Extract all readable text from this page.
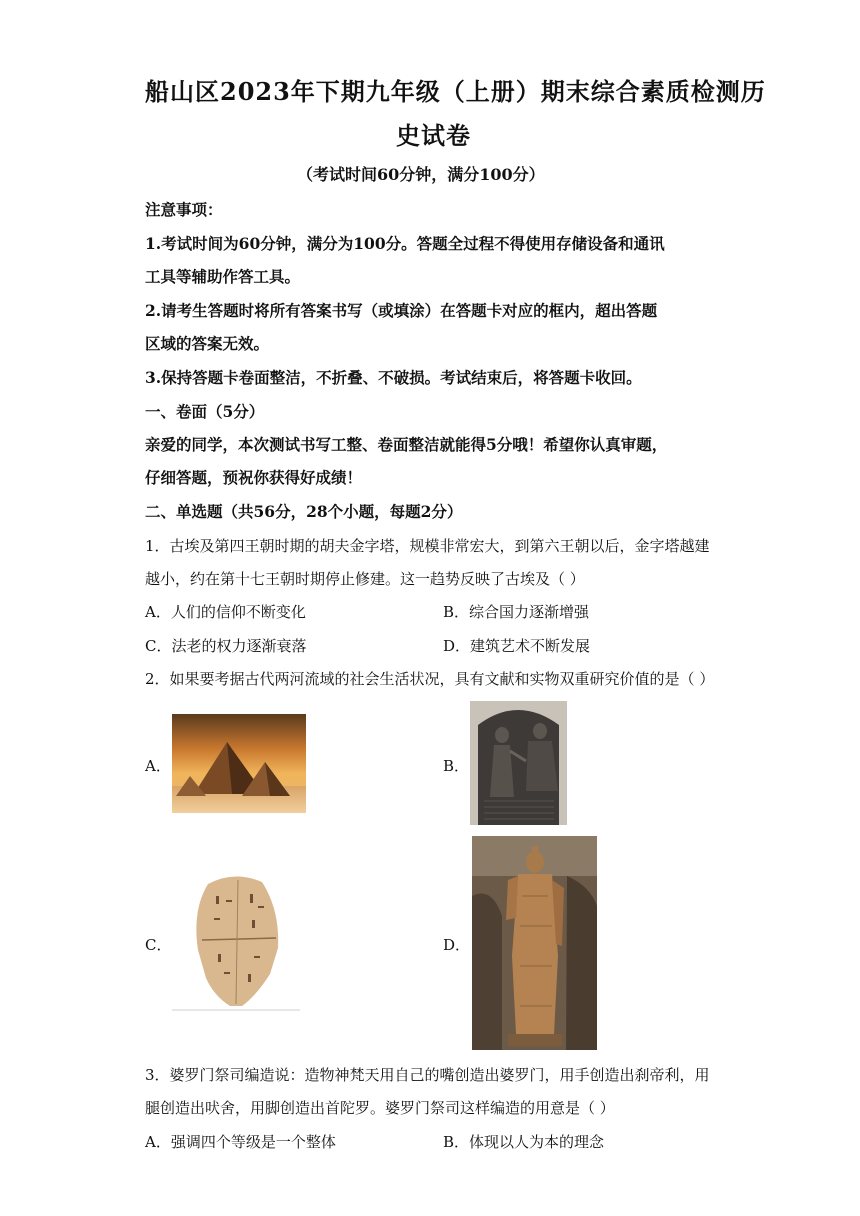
船山区2023年下期九年级（上册）期末综合素质检测历
史试卷
（考试时间60分钟，满分100分）
注意事项：
1.考试时间为60分钟，满分为100分。答题全过程不得使用存储设备和通讯
工具等辅助作答工具。
2.请考生答题时将所有答案书写（或填涂）在答题卡对应的框内，超出答题
区域的答案无效。
3.保持答题卡卷面整洁，不折叠、不破损。考试结束后，将答题卡收回。
一、卷面（5分）
亲爱的同学，本次测试书写工整、卷面整洁就能得5分哦！希望你认真审题，
仔细答题，预祝你获得好成绩！
二、单选题（共56分，28个小题，每题2分）
1．古埃及第四王朝时期的胡夫金字塔，规模非常宏大，到第六王朝以后，金字塔越建
越小，约在第十七王朝时期停止修建。这一趋势反映了古埃及（ ）
A．人们的信仰不断变化	B．综合国力逐渐增强
C．法老的权力逐渐衰落	D．建筑艺术不断发展
2．如果要考据古代两河流域的社会生活状况，具有文献和实物双重研究价值的是（ ）
A．	B．
C．	D．
3．婆罗门祭司编造说：造物神梵天用自己的嘴创造出婆罗门，用手创造出刹帝利，用
腿创造出吠舍，用脚创造出首陀罗。婆罗门祭司这样编造的用意是（ ）
A．强调四个等级是一个整体	B．体现以人为本的理念
